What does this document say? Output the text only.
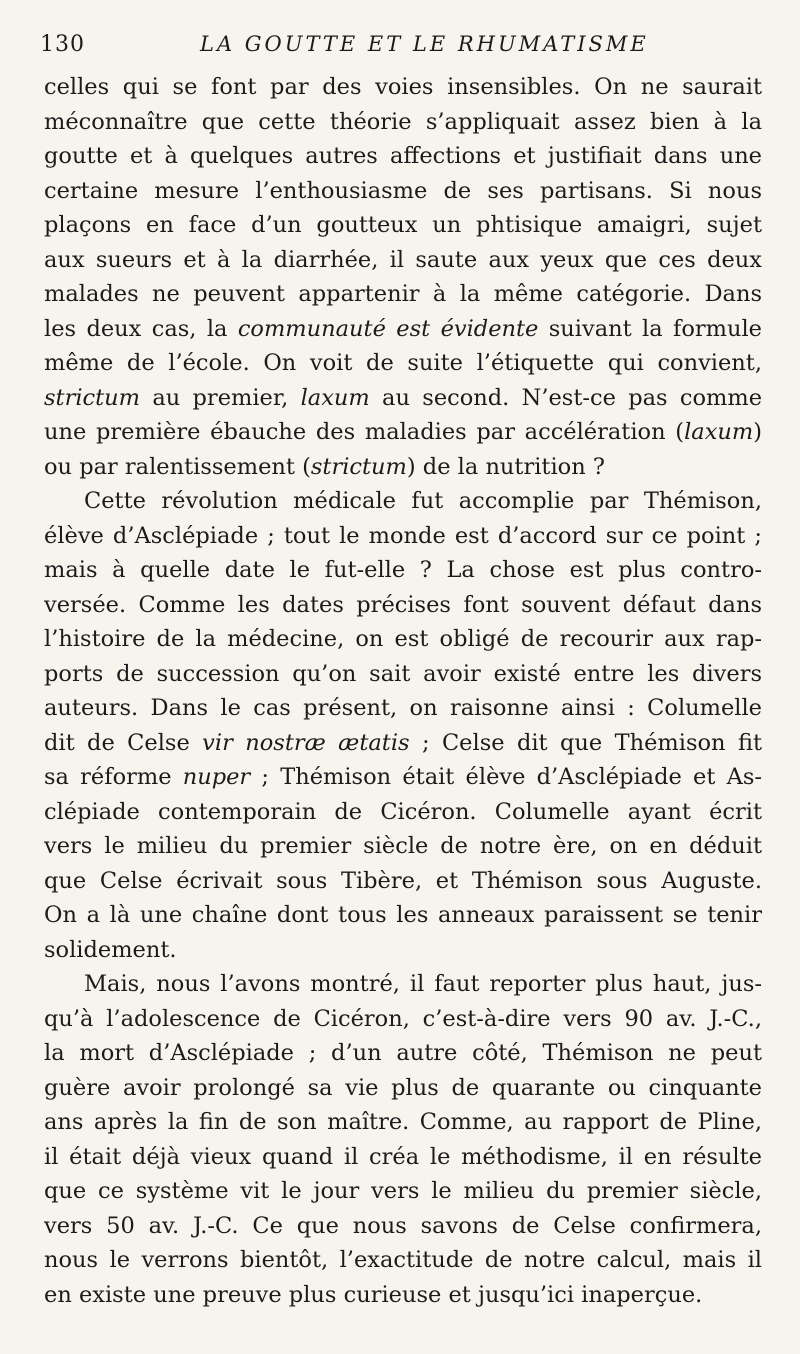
130	LA GOUTTE ET LE RHUMATISME
celles qui se font par des voies insensibles. On ne saurait
méconnaître que cette théorie s’appliquait assez bien à la
goutte et à quelques autres affections et justifiait dans une
certaine mesure l’enthousiasme de ses partisans. Si nous
plaçons en face d’un goutteux un phtisique amaigri, sujet
aux sueurs et à la diarrhée, il saute aux yeux que ces deux
malades ne peuvent appartenir à la même catégorie. Dans
les deux cas, la communauté est évidente suivant la formule
même de l’école. On voit de suite l’étiquette qui convient,
strictum au premier, laxum au second. N’est-ce pas comme
une première ébauche des maladies par accélération (laxum)
ou par ralentissement (strictum) de la nutrition ?
Cette révolution médicale fut accomplie par Thémison,
élève d’Asclépiade ; tout le monde est d’accord sur ce point ;
mais à quelle date le fut-elle ? La chose est plus contro-
versée. Comme les dates précises font souvent défaut dans
l’histoire de la médecine, on est obligé de recourir aux rap-
ports de succession qu’on sait avoir existé entre les divers
auteurs. Dans le cas présent, on raisonne ainsi : Columelle
dit de Celse vir nostræ ætatis ; Celse dit que Thémison fit
sa réforme nuper ; Thémison était élève d’Asclépiade et As-
clépiade contemporain de Cicéron. Columelle ayant écrit
vers le milieu du premier siècle de notre ère, on en déduit
que Celse écrivait sous Tibère, et Thémison sous Auguste.
On a là une chaîne dont tous les anneaux paraissent se tenir
solidement.
Mais, nous l’avons montré, il faut reporter plus haut, jus-
qu’à l’adolescence de Cicéron, c’est-à-dire vers 90 av. J.-C.,
la mort d’Asclépiade ; d’un autre côté, Thémison ne peut
guère avoir prolongé sa vie plus de quarante ou cinquante
ans après la fin de son maître. Comme, au rapport de Pline,
il était déjà vieux quand il créa le méthodisme, il en résulte
que ce système vit le jour vers le milieu du premier siècle,
vers 50 av. J.-C. Ce que nous savons de Celse confirmera,
nous le verrons bientôt, l’exactitude de notre calcul, mais il
en existe une preuve plus curieuse et jusqu’ici inaperçue.
